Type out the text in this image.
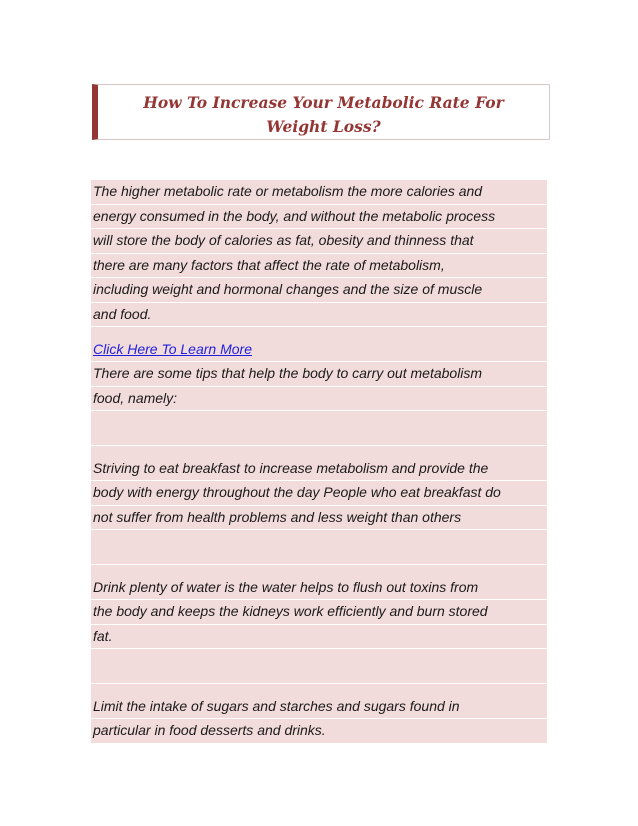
How To Increase Your Metabolic Rate For
Weight Loss?
The higher metabolic rate or metabolism the more calories and
energy consumed in the body, and without the metabolic process
will store the body of calories as fat, obesity and thinness that
there are many factors that affect the rate of metabolism,
including weight and hormonal changes and the size of muscle
and food.
Click Here To Learn More
There are some tips that help the body to carry out metabolism
food, namely:
Striving to eat breakfast to increase metabolism and provide the
body with energy throughout the day People who eat breakfast do
not suffer from health problems and less weight than others
Drink plenty of water is the water helps to flush out toxins from
the body and keeps the kidneys work efficiently and burn stored
fat.
Limit the intake of sugars and starches and sugars found in
particular in food desserts and drinks.
